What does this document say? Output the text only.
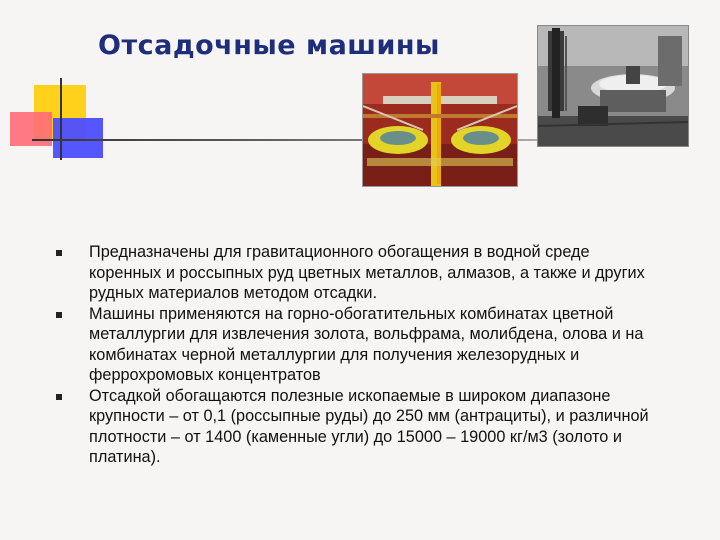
Отсадочные машины
Предназначены для гравитационного обогащения в водной среде коренных и россыпных руд цветных металлов, алмазов, а также и других рудных материалов методом отсадки.
Машины применяются на горно-обогатительных комбинатах цветной металлургии для извлечения золота, вольфрама, молибдена, олова и на комбинатах черной металлургии для получения железорудных и феррохромовых концентратов
Отсадкой обогащаются полезные ископаемые в широком диапазоне крупности – от 0,1 (россыпные руды) до 250 мм (антрациты), и различной плотности – от 1400 (каменные угли) до 15000 – 19000 кг/м3 (золото и платина).
